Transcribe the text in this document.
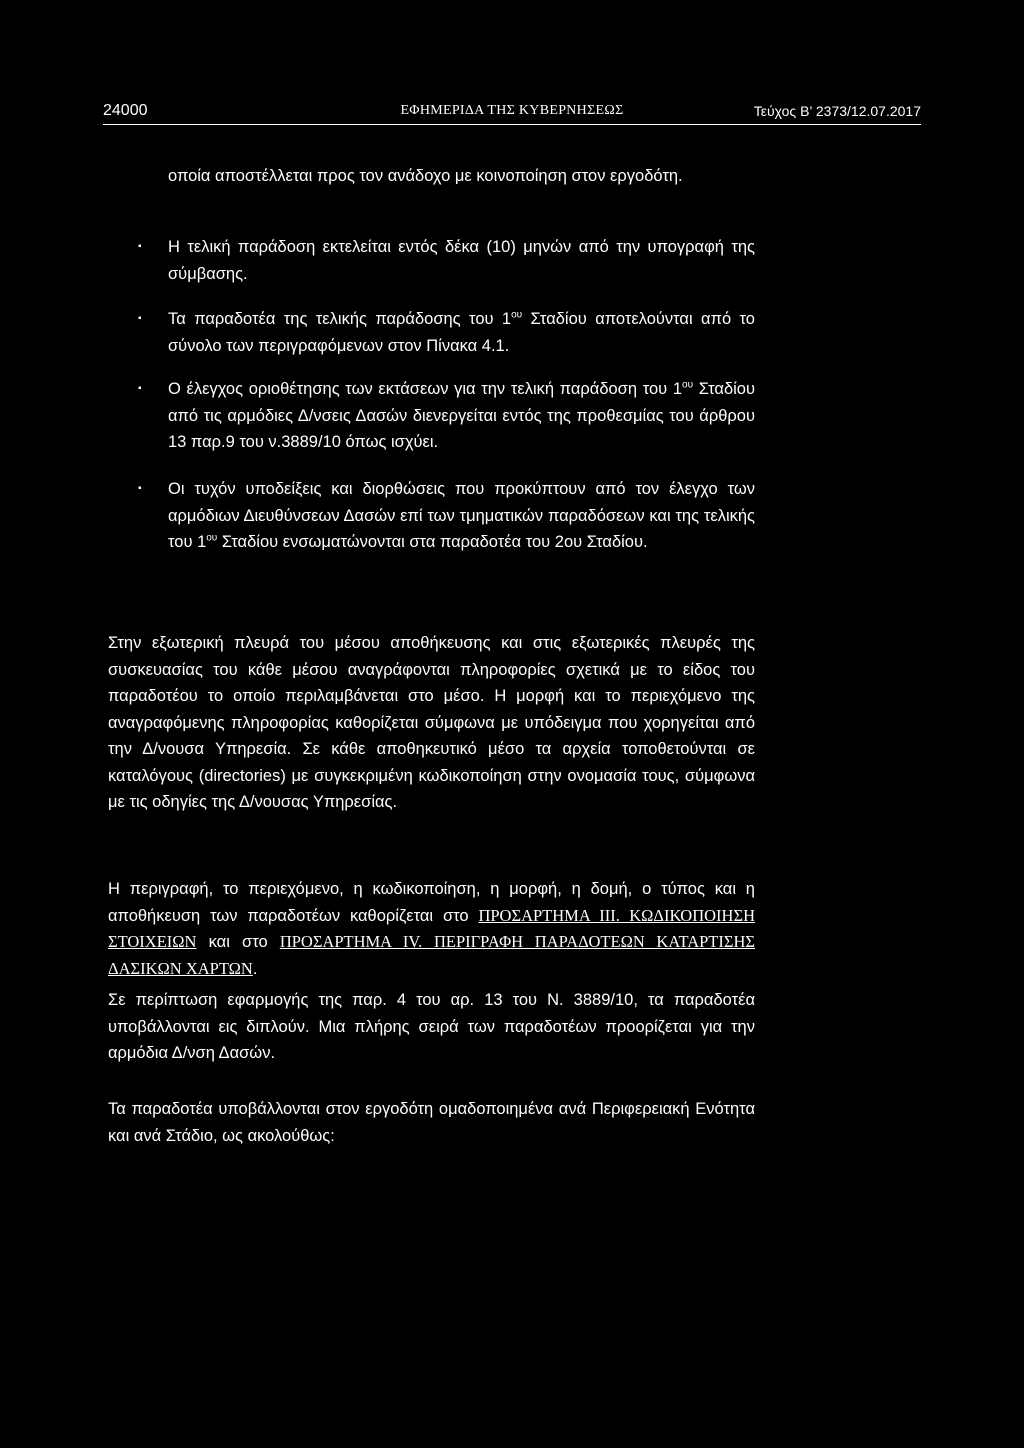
24000	ΕΦΗΜΕΡΙΔΑ ΤΗΣ ΚΥΒΕΡΝΗΣΕΩΣ	Τεύχος Β’ 2373/12.07.2017

οποία αποστέλλεται προς τον ανάδοχο με κοινοποίηση στον εργοδότη.

▪	Η τελική παράδοση εκτελείται εντός δέκα (10) μηνών από την υπογραφή της σύμβασης.

▪	Τα παραδοτέα της τελικής παράδοσης του $1^{o\upsilon}$ Σταδίου αποτελούνται από το σύνολο των περιγραφόμενων στον Πίνακα 4.1.

▪	Ο έλεγχος οριοθέτησης των εκτάσεων για την τελική παράδοση του $1^{o\upsilon}$ Σταδίου από τις αρμόδιες Δ/νσεις Δασών διενεργείται εντός της προθεσμίας του άρθρου 13 παρ.9 του ν.3889/10 όπως ισχύει.

▪	Οι τυχόν υποδείξεις και διορθώσεις που προκύπτουν από τον έλεγχο των αρμόδιων Διευθύνσεων Δασών επί των τμηματικών παραδόσεων και της τελικής του $1^{o\upsilon}$ Σταδίου ενσωματώνονται στα παραδοτέα του 2ου Σταδίου.

Στην εξωτερική πλευρά του μέσου αποθήκευσης και στις εξωτερικές πλευρές της συσκευασίας του κάθε μέσου αναγράφονται πληροφορίες σχετικά με το είδος του παραδοτέου το οποίο περιλαμβάνεται στο μέσο. Η μορφή και το περιεχόμενο της αναγραφόμενης πληροφορίας καθορίζεται σύμφωνα με υπόδειγμα που χορηγείται από την Δ/νουσα Υπηρεσία. Σε κάθε αποθηκευτικό μέσο τα αρχεία τοποθετούνται σε καταλόγους (directories) με συγκεκριμένη κωδικοποίηση στην ονομασία τους, σύμφωνα με τις οδηγίες της Δ/νουσας Υπηρεσίας.

Η περιγραφή, το περιεχόμενο, η κωδικοποίηση, η μορφή, η δομή, ο τύπος και η αποθήκευση των παραδοτέων καθορίζεται στο ΠΡΟΣΑΡΤΗΜΑ ΙΙΙ. ΚΩΔΙΚΟΠΟΙΗΣΗ ΣΤΟΙΧΕΙΩΝ και στο ΠΡΟΣΑΡΤΗΜΑ IV. ΠΕΡΙΓΡΑΦΗ ΠΑΡΑΔΟΤΕΩΝ ΚΑΤΑΡΤΙΣΗΣ ΔΑΣΙΚΩΝ ΧΑΡΤΩΝ.

Σε περίπτωση εφαρμογής της παρ. 4 του αρ. 13 του Ν. 3889/10, τα παραδοτέα υποβάλλονται εις διπλούν. Μια πλήρης σειρά των παραδοτέων προορίζεται για την αρμόδια Δ/νση Δασών.

Τα παραδοτέα υποβάλλονται στον εργοδότη ομαδοποιημένα ανά Περιφερειακή Ενότητα και ανά Στάδιο, ως ακολούθως:
